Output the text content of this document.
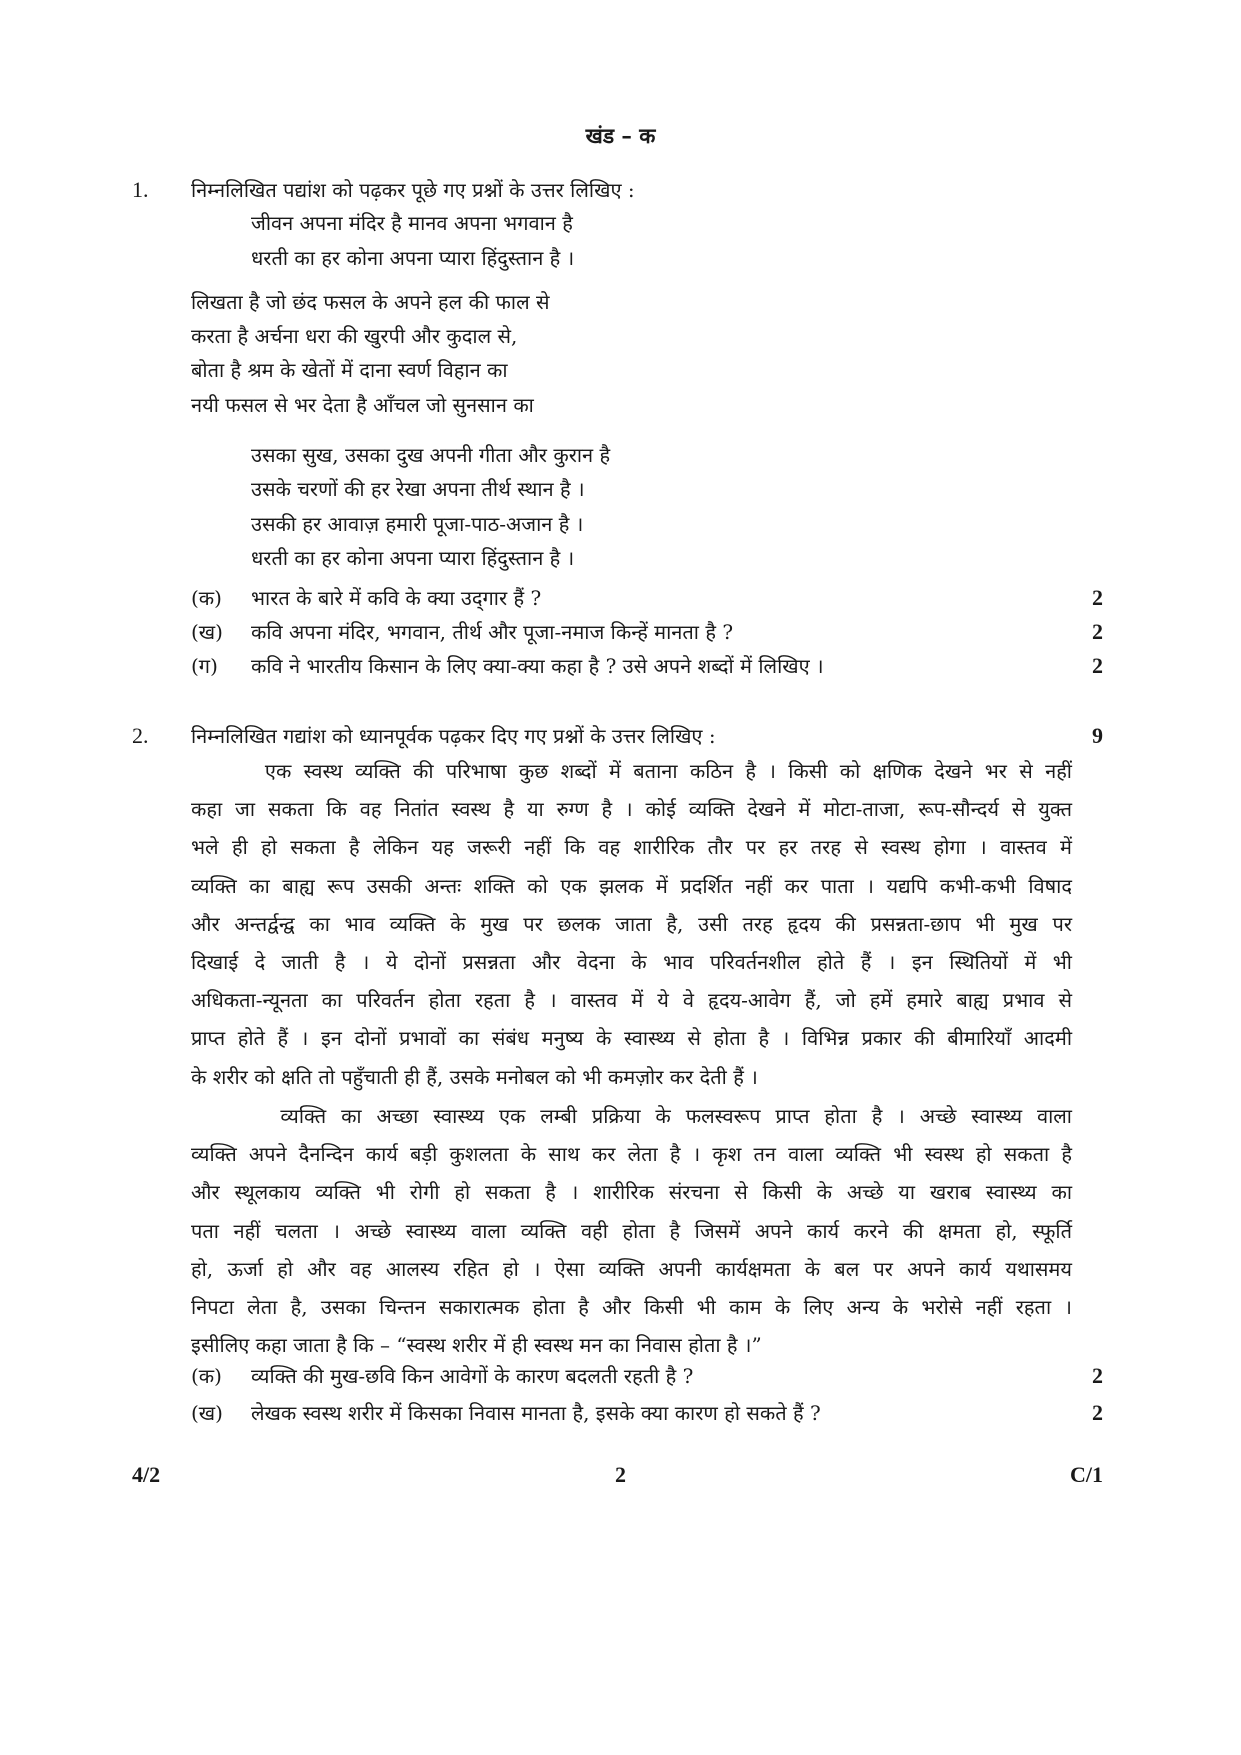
खंड – क
1. निम्नलिखित पद्यांश को पढ़कर पूछे गए प्रश्नों के उत्तर लिखिए :
जीवन अपना मंदिर है मानव अपना भगवान है
धरती का हर कोना अपना प्यारा हिंदुस्तान है ।
लिखता है जो छंद फसल के अपने हल की फाल से
करता है अर्चना धरा की खुरपी और कुदाल से,
बोता है श्रम के खेतों में दाना स्वर्ण विहान का
नयी फसल से भर देता है आँचल जो सुनसान का
उसका सुख, उसका दुख अपनी गीता और कुरान है
उसके चरणों की हर रेखा अपना तीर्थ स्थान है ।
उसकी हर आवाज़ हमारी पूजा-पाठ-अजान है ।
धरती का हर कोना अपना प्यारा हिंदुस्तान है ।
(क) भारत के बारे में कवि के क्या उद्‌गार हैं ?	2
(ख) कवि अपना मंदिर, भगवान, तीर्थ और पूजा-नमाज किन्हें मानता है ?	2
(ग) कवि ने भारतीय किसान के लिए क्या-क्या कहा है ? उसे अपने शब्दों में लिखिए ।	2
2. निम्नलिखित गद्यांश को ध्यानपूर्वक पढ़कर दिए गए प्रश्नों के उत्तर लिखिए :	9
एक स्वस्थ व्यक्ति की परिभाषा कुछ शब्दों में बताना कठिन है । किसी को क्षणिक देखने भर से नहीं
कहा जा सकता कि वह नितांत स्वस्थ है या रुग्ण है । कोई व्यक्ति देखने में मोटा-ताजा, रूप-सौन्दर्य से युक्त
भले ही हो सकता है लेकिन यह जरूरी नहीं कि वह शारीरिक तौर पर हर तरह से स्वस्थ होगा । वास्तव में
व्यक्ति का बाह्य रूप उसकी अन्तः शक्ति को एक झलक में प्रदर्शित नहीं कर पाता । यद्यपि कभी-कभी विषाद
और अन्तर्द्वन्द्व का भाव व्यक्ति के मुख पर छलक जाता है, उसी तरह हृदय की प्रसन्नता-छाप भी मुख पर
दिखाई दे जाती है । ये दोनों प्रसन्नता और वेदना के भाव परिवर्तनशील होते हैं । इन स्थितियों में भी
अधिकता-न्यूनता का परिवर्तन होता रहता है । वास्तव में ये वे हृदय-आवेग हैं, जो हमें हमारे बाह्य प्रभाव से
प्राप्त होते हैं । इन दोनों प्रभावों का संबंध मनुष्य के स्वास्थ्य से होता है । विभिन्न प्रकार की बीमारियाँ आदमी
के शरीर को क्षति तो पहुँचाती ही हैं, उसके मनोबल को भी कमज़ोर कर देती हैं ।
व्यक्ति का अच्छा स्वास्थ्य एक लम्बी प्रक्रिया के फलस्वरूप प्राप्त होता है । अच्छे स्वास्थ्य वाला
व्यक्ति अपने दैनन्दिन कार्य बड़ी कुशलता के साथ कर लेता है । कृश तन वाला व्यक्ति भी स्वस्थ हो सकता है
और स्थूलकाय व्यक्ति भी रोगी हो सकता है । शारीरिक संरचना से किसी के अच्छे या खराब स्वास्थ्य का
पता नहीं चलता । अच्छे स्वास्थ्य वाला व्यक्ति वही होता है जिसमें अपने कार्य करने की क्षमता हो, स्फूर्ति
हो, ऊर्जा हो और वह आलस्य रहित हो । ऐसा व्यक्ति अपनी कार्यक्षमता के बल पर अपने कार्य यथासमय
निपटा लेता है, उसका चिन्तन सकारात्मक होता है और किसी भी काम के लिए अन्य के भरोसे नहीं रहता ।
इसीलिए कहा जाता है कि – “स्वस्थ शरीर में ही स्वस्थ मन का निवास होता है ।”
(क) व्यक्ति की मुख-छवि किन आवेगों के कारण बदलती रहती है ?	2
(ख) लेखक स्वस्थ शरीर में किसका निवास मानता है, इसके क्या कारण हो सकते हैं ?	2
4/2	2	C/1
